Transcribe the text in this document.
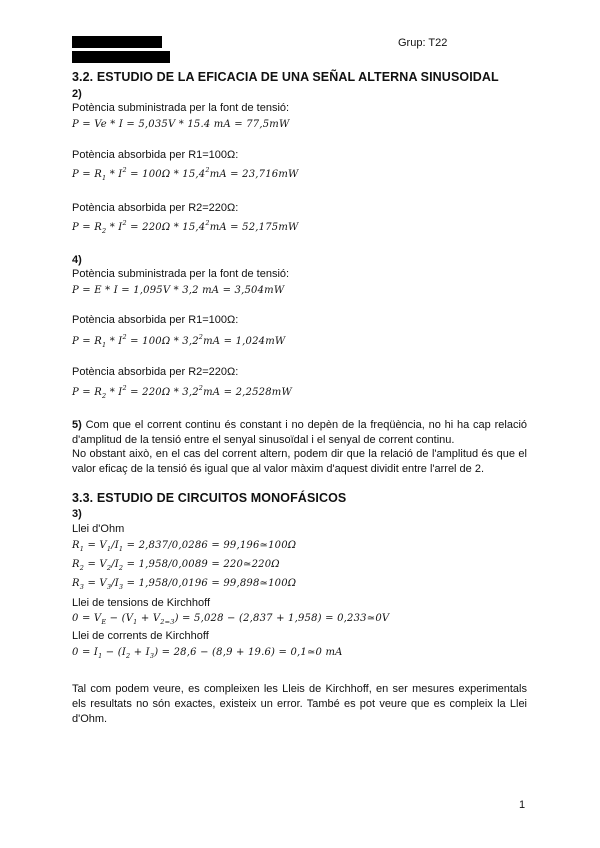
Grup: T22
3.2. ESTUDIO DE LA EFICACIA DE UNA SEÑAL ALTERNA SINUSOIDAL
2)
Potència subministrada per la font de tensió:
P = Ve * I = 5,035V * 15.4 mA = 77,5mW
Potència absorbida per R1=100Ω:
$P = R_1 * I^2 = 100\Omega * 15,4^2mA = 23,716mW$
Potència absorbida per R2=220Ω:
$P = R_2 * I^2 = 220\Omega * 15,4^2mA = 52,175mW$
4)
Potència subministrada per la font de tensió:
P = E * I = 1,095V * 3,2 mA = 3,504mW
Potència absorbida per R1=100Ω:
$P = R_1 * I^2 = 100\Omega * 3,2^2mA = 1,024mW$
Potència absorbida per R2=220Ω:
$P = R_2 * I^2 = 220\Omega * 3,2^2mA = 2,2528mW$
5) Com que el corrent continu és constant i no depèn de la freqüència, no hi ha cap relació d'amplitud de la tensió entre el senyal sinusoïdal i el senyal de corrent continu.
No obstant això, en el cas del corrent altern, podem dir que la relació de l'amplitud és que el valor eficaç de la tensió és igual que al valor màxim d'aquest dividit entre l'arrel de 2.
3.3. ESTUDIO DE CIRCUITOS MONOFÁSICOS
3)
Llei d'Ohm
$R_1 = V_1/I_1 = 2,837/0,0286$ = 99,196≃100Ω
$R_2 = V_2/I_2 = 1,958/0,0089$ = 220≃220Ω
$R_3 = V_3/I_3 = 1,958/0,0196$ = 99,898≃100Ω
Llei de tensions de Kirchhoff
$0 = V_E - (V_1 + V_{2=3}) = 5,028 - (2,837 + 1,958)$ = 0,233≃0V
Llei de corrents de Kirchhoff
$0 = I_1 - (I_2 + I_3) = 28,6 - (8,9 + 19.6)$ = 0,1≃0 mA
Tal com podem veure, es compleixen les Lleis de Kirchhoff, en ser mesures experimentals els resultats no són exactes, existeix un error. També es pot veure que es compleix la Llei d'Ohm.
1
